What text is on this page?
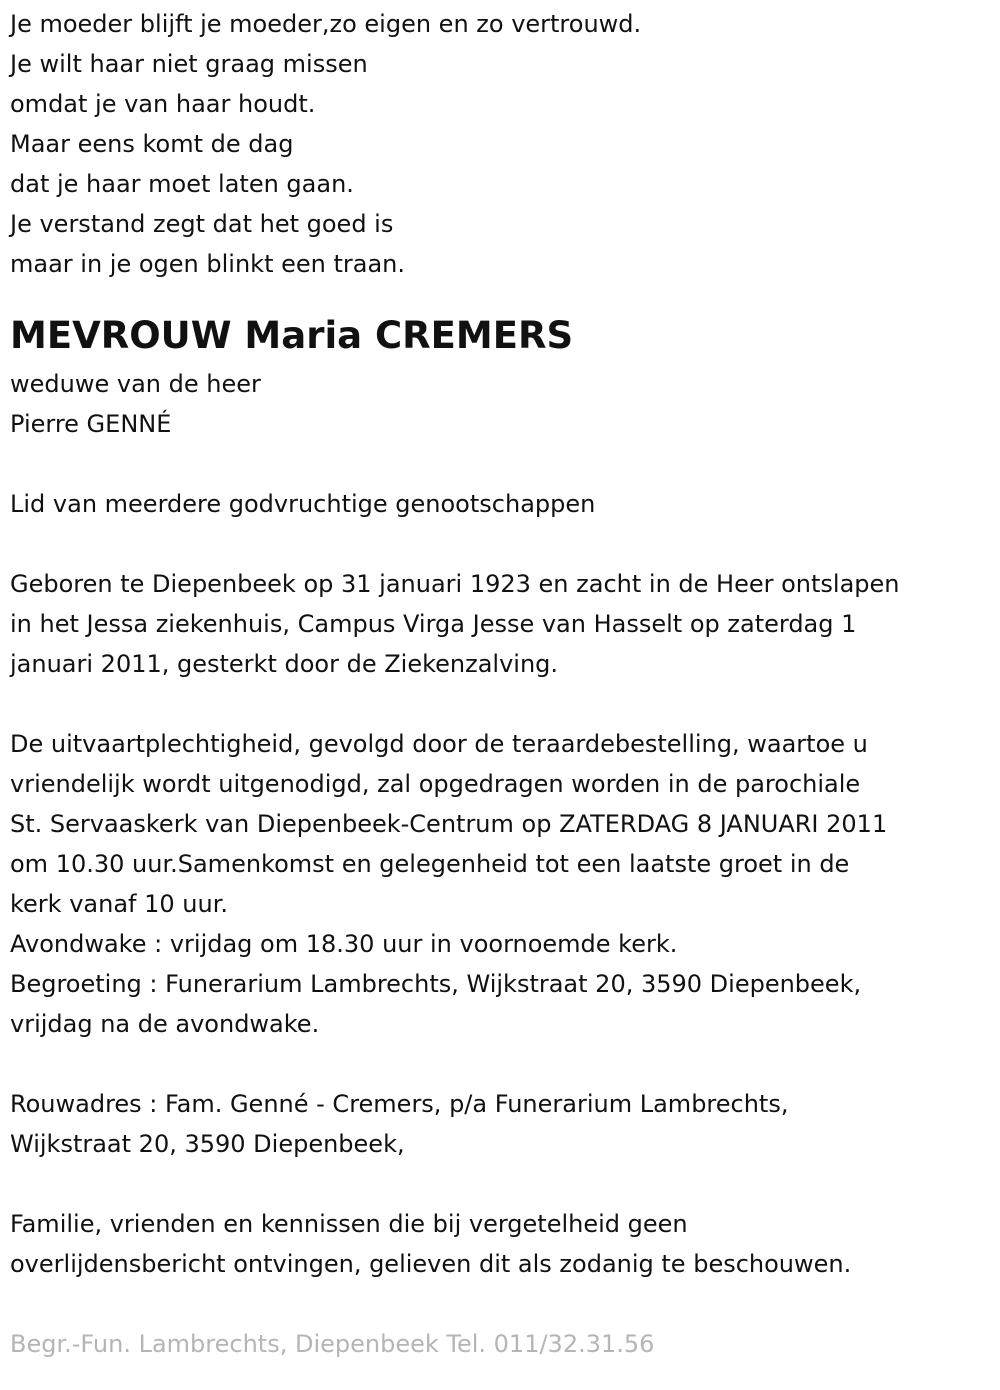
Je moeder blijft je moeder,zo eigen en zo vertrouwd.

Je wilt haar niet graag missen

omdat je van haar houdt.

Maar eens komt de dag

dat je haar moet laten gaan.

Je verstand zegt dat het goed is

maar in je ogen blinkt een traan.

MEVROUW Maria CREMERS

weduwe van de heer

Pierre GENNÉ

Lid van meerdere godvruchtige genootschappen

Geboren te Diepenbeek op 31 januari 1923 en zacht in de Heer ontslapen

in het Jessa ziekenhuis, Campus Virga Jesse van Hasselt op zaterdag 1

januari 2011, gesterkt door de Ziekenzalving.

De uitvaartplechtigheid, gevolgd door de teraardebestelling, waartoe u

vriendelijk wordt uitgenodigd, zal opgedragen worden in de parochiale

St. Servaaskerk van Diepenbeek-Centrum op ZATERDAG 8 JANUARI 2011

om 10.30 uur.Samenkomst en gelegenheid tot een laatste groet in de

kerk vanaf 10 uur.

Avondwake : vrijdag om 18.30 uur in voornoemde kerk.

Begroeting : Funerarium Lambrechts, Wijkstraat 20, 3590 Diepenbeek,

vrijdag na de avondwake.

Rouwadres : Fam. Genné - Cremers, p/a Funerarium Lambrechts,

Wijkstraat 20, 3590 Diepenbeek,

Familie, vrienden en kennissen die bij vergetelheid geen

overlijdensbericht ontvingen, gelieven dit als zodanig te beschouwen.

Begr.-Fun. Lambrechts, Diepenbeek Tel. 011/32.31.56
